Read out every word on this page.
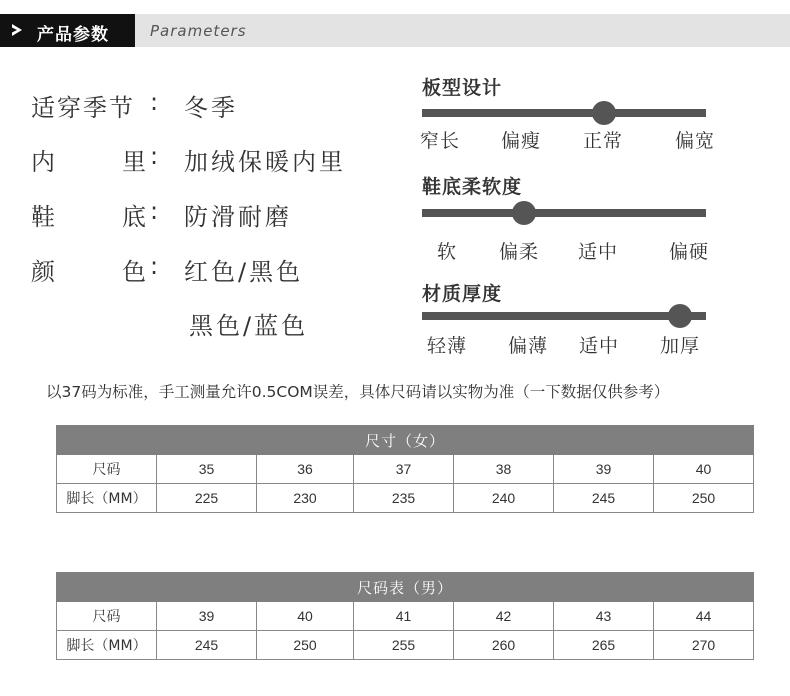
产品参数	Parameters
适穿季节 : 冬季
内	里 : 加绒保暖内里
鞋	底 : 防滑耐磨
颜	色 : 红色/黑色
黑色/蓝色
板型设计
窄长 偏瘦 正常	偏宽
鞋底柔软度
软 偏柔 适中	偏硬
材质厚度
轻薄 偏薄 适中 加厚
以37码为标准，手工测量允许0.5COM误差，具体尺码请以实物为准（一下数据仅供参考）
尺寸（女）						
尺码	35	36	37	38	39	40
脚长（MM）	225	230	235	240	245	250
尺码表（男）						
尺码	39	40	41	42	43	44
脚长（MM）	245	250	255	260	265	270
